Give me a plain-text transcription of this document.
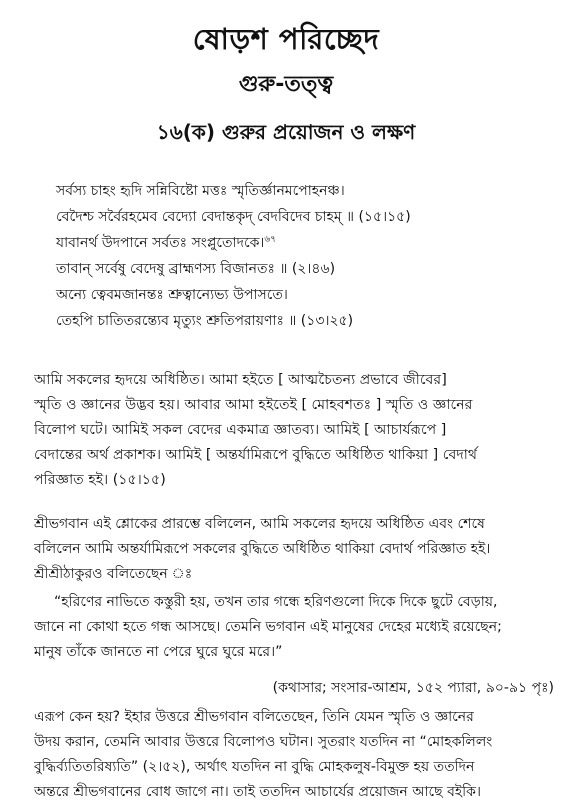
ষোড়শ পরিচ্ছেদ
গুরু-তত্ত্ব
১৬(ক) গুরুর প্রয়োজন ও লক্ষণ
সর্বস্য চাহং হৃদি সন্নিবিষ্টো মত্তঃ স্মৃতির্জ্ঞানমপোহনঞ্চ।
বেদৈশ্চ সর্বৈরহমেব বেদ্যো বেদান্তকৃদ্ বেদবিদেব চাহম্ ॥ (১৫।১৫)
যাবানর্থ উদপানে সর্বতঃ সংপ্লুতোদকে।$^{৬৭}$
তাবান্ সর্বেষু বেদেষু ব্রাহ্মণস্য বিজানতঃ ॥ (২।৪৬)
অন্যে ত্বেবমজানন্তঃ শ্রুত্বান্যেভ্য উপাসতে।
তেহপি চাতিতরন্ত্যেব মৃত্যুং শ্রুতিপরায়ণাঃ ॥ (১৩।২৫)
আমি সকলের হৃদয়ে অধিষ্ঠিত। আমা হইতে [ আত্মচৈতন্য প্রভাবে জীবের]
স্মৃতি ও জ্ঞানের উদ্ভব হয়। আবার আমা হইতেই [ মোহবশতঃ ] স্মৃতি ও জ্ঞানের
বিলোপ ঘটে। আমিই সকল বেদের একমাত্র জ্ঞাতব্য। আমিই [ আচার্যরূপে ]
বেদান্তের অর্থ প্রকাশক। আমিই [ অন্তর্যামিরূপে বুদ্ধিতে অধিষ্ঠিত থাকিয়া ] বেদার্থ
পরিজ্ঞাত হই। (১৫।১৫)
শ্রীভগবান এই শ্লোকের প্রারম্ভে বলিলেন, আমি সকলের হৃদয়ে অধিষ্ঠিত এবং শেষে
বলিলেন আমি অন্তর্যামিরূপে সকলের বুদ্ধিতে অধিষ্ঠিত থাকিয়া বেদার্থ পরিজ্ঞাত হই।
শ্রীশ্রীঠাকুরও বলিতেছেন ঃ
“হরিণের নাভিতে কস্তুরী হয়, তখন তার গন্ধে হরিণগুলো দিকে দিকে ছুটে বেড়ায়,
জানে না কোথা হতে গন্ধ আসছে। তেমনি ভগবান এই মানুষের দেহের মধ্যেই রয়েছেন;
মানুষ তাঁকে জানতে না পেরে ঘুরে ঘুরে মরে।”
(কথাসার; সংসার-আশ্রম, ১৫২ প্যারা, ৯০-৯১ পৃঃ)
এরূপ কেন হয়? ইহার উত্তরে শ্রীভগবান বলিতেছেন, তিনি যেমন স্মৃতি ও জ্ঞানের
উদয় করান, তেমনি আবার উত্তরে বিলোপও ঘটান। সুতরাং যতদিন না “মোহকলিলং
বুদ্ধির্ব্যতিতরিষ্যতি” (২।৫২), অর্থাৎ যতদিন না বুদ্ধি মোহকলুষ-বিমুক্ত হয় ততদিন
অন্তরে শ্রীভগবানের বোধ জাগে না। তাই ততদিন আচার্যের প্রয়োজন আছে বইকি।
